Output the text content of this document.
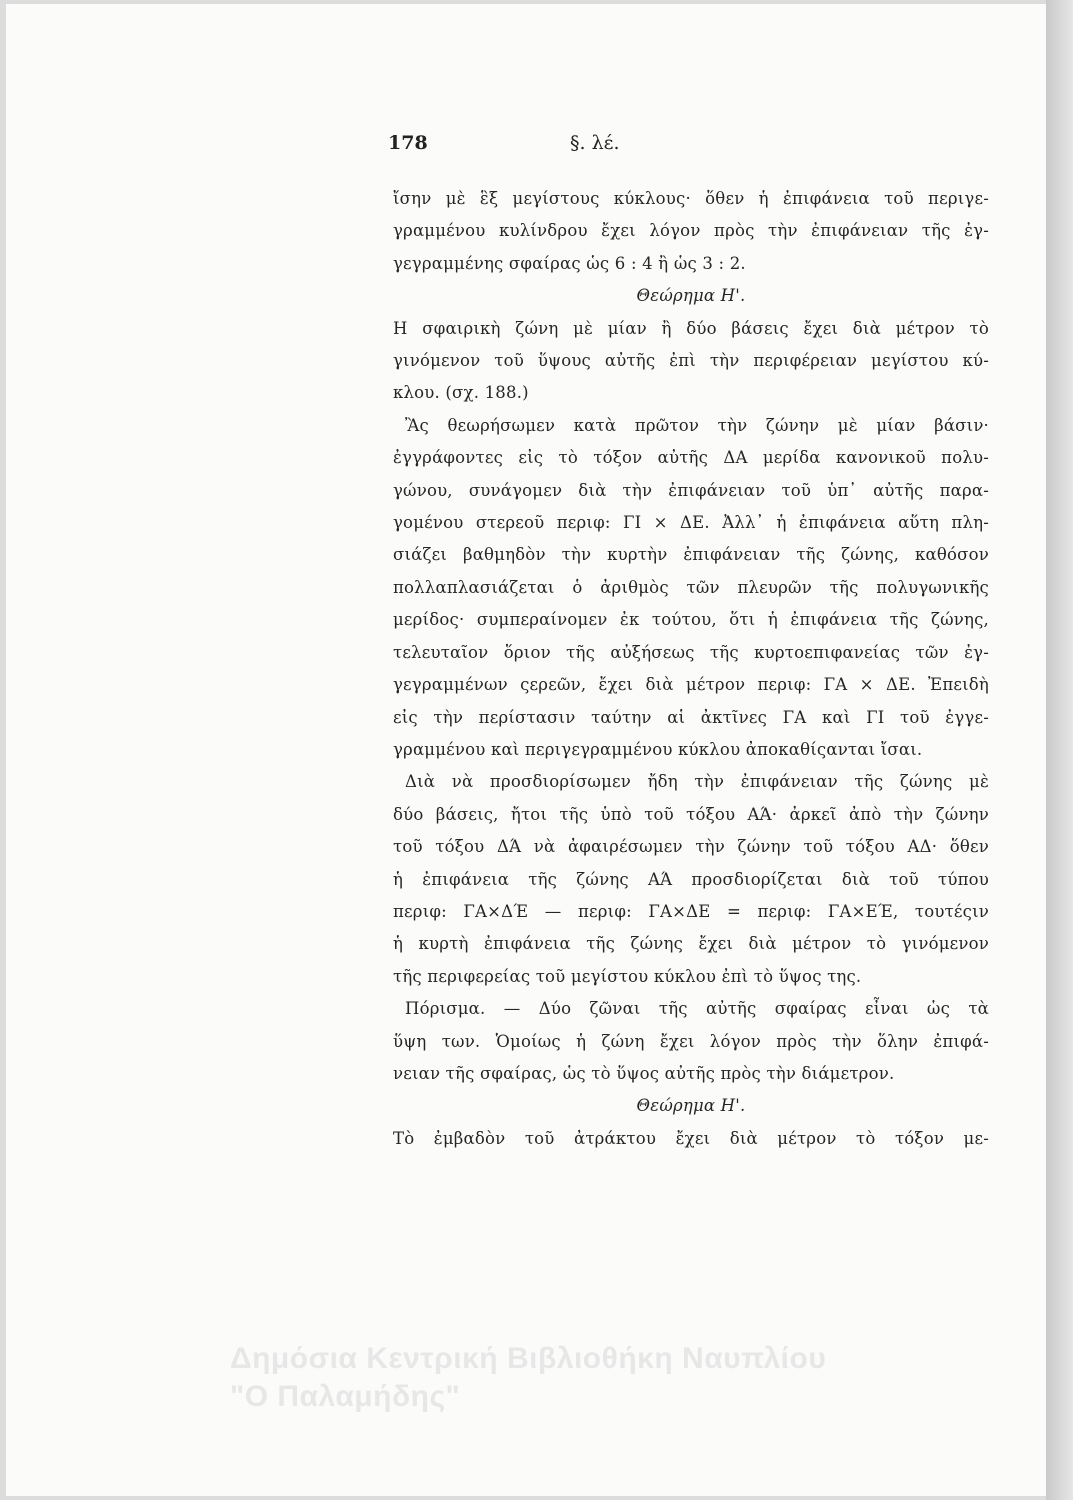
178	§. λέ.
ἴσην μὲ ἓξ μεγίστους κύκλους· ὅθεν ἡ ἐπιφάνεια τοῦ περιγε-
γραμμένου κυλίνδρου ἔχει λόγον πρὸς τὴν ἐπιφάνειαν τῆς ἐγ-
γεγραμμένης σφαίρας ὡς 6 : 4 ἢ ὡς 3 : 2.
Θεώρημα Η'.
Η σφαιρικὴ ζώνη μὲ μίαν ἢ δύο βάσεις ἔχει διὰ μέτρον τὸ
γινόμενον τοῦ ὕψους αὐτῆς ἐπὶ τὴν περιφέρειαν μεγίστου κύ-
κλου. (σχ. 188.)
Ἂς θεωρήσωμεν κατὰ πρῶτον τὴν ζώνην μὲ μίαν βάσιν·
ἐγγράφοντες εἰς τὸ τόξον αὐτῆς ΔΑ μερίδα κανονικοῦ πολυ-
γώνου, συνάγομεν διὰ τὴν ἐπιφάνειαν τοῦ ὑπ᾽ αὐτῆς παρα-
γομένου στερεοῦ περιφ: ΓΙ × ΔΕ. Ἀλλ᾽ ἡ ἐπιφάνεια αὕτη πλη-
σιάζει βαθμηδὸν τὴν κυρτὴν ἐπιφάνειαν τῆς ζώνης, καθόσον
πολλαπλασιάζεται ὁ ἀριθμὸς τῶν πλευρῶν τῆς πολυγωνικῆς
μερίδος· συμπεραίνομεν ἐκ τούτου, ὅτι ἡ ἐπιφάνεια τῆς ζώνης,
τελευταῖον ὅριον τῆς αὐξήσεως τῆς κυρτοεπιφανείας τῶν ἐγ-
γεγραμμένων ςερεῶν, ἔχει διὰ μέτρον περιφ: ΓΑ × ΔΕ. Ἐπειδὴ
εἰς τὴν περίστασιν ταύτην αἱ ἀκτῖνες ΓΑ καὶ ΓΙ τοῦ ἐγγε-
γραμμένου καὶ περιγεγραμμένου κύκλου ἀποκαθίςανται ἴσαι.
Διὰ νὰ προσδιορίσωμεν ἤδη τὴν ἐπιφάνειαν τῆς ζώνης μὲ
δύο βάσεις, ἤτοι τῆς ὑπὸ τοῦ τόξου ΑΆ· ἀρκεῖ ἀπὸ τὴν ζώνην
τοῦ τόξου ΔΆ νὰ ἀφαιρέσωμεν τὴν ζώνην τοῦ τόξου ΑΔ· ὅθεν
ἡ ἐπιφάνεια τῆς ζώνης ΑΆ προσδιορίζεται διὰ τοῦ τύπου
περιφ: ΓΑ×ΔΈ — περιφ: ΓΑ×ΔΕ = περιφ: ΓΑ×ΕΈ, τουτέςιν
ἡ κυρτὴ ἐπιφάνεια τῆς ζώνης ἔχει διὰ μέτρον τὸ γινόμενον
τῆς περιφερείας τοῦ μεγίστου κύκλου ἐπὶ τὸ ὕψος της.
Πόρισμα. — Δύο ζῶναι τῆς αὐτῆς σφαίρας εἶναι ὡς τὰ
ὕψη των. Ὁμοίως ἡ ζώνη ἔχει λόγον πρὸς τὴν ὅλην ἐπιφά-
νειαν τῆς σφαίρας, ὡς τὸ ὕψος αὐτῆς πρὸς τὴν διάμετρον.
Θεώρημα Η'.
Τὸ ἐμβαδὸν τοῦ ἀτράκτου ἔχει διὰ μέτρον τὸ τόξον με-
Δημόσια Κεντρική Βιβλιοθήκη Ναυπλίου
"Ο Παλαμήδης"
